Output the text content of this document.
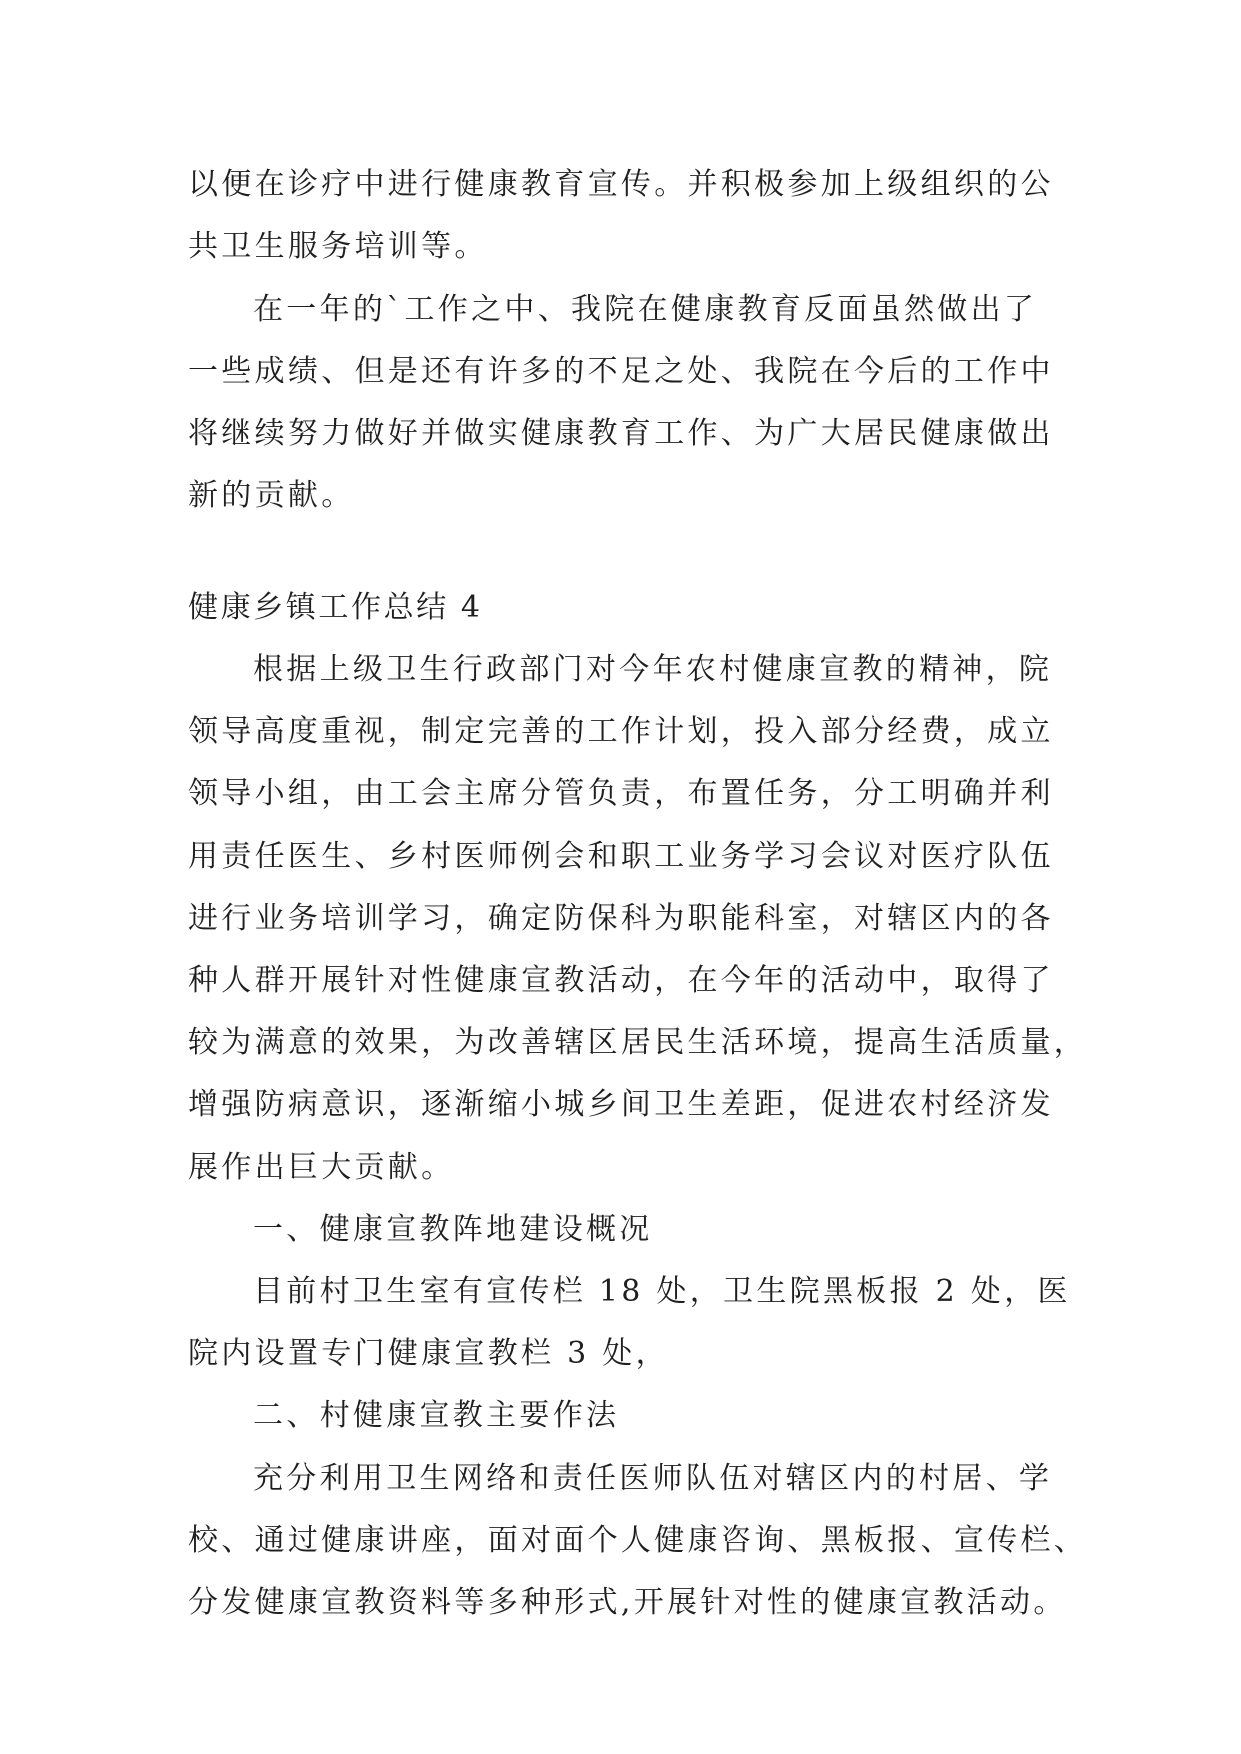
以便在诊疗中进行健康教育宣传。并积极参加上级组织的公

共卫生服务培训等。

在一年的`工作之中、我院在健康教育反面虽然做出了

一些成绩、但是还有许多的不足之处、我院在今后的工作中

将继续努力做好并做实健康教育工作、为广大居民健康做出

新的贡献。

健康乡镇工作总结 4

根据上级卫生行政部门对今年农村健康宣教的精神，院

领导高度重视，制定完善的工作计划，投入部分经费，成立

领导小组，由工会主席分管负责，布置任务，分工明确并利

用责任医生、乡村医师例会和职工业务学习会议对医疗队伍

进行业务培训学习，确定防保科为职能科室，对辖区内的各

种人群开展针对性健康宣教活动，在今年的活动中，取得了

较为满意的效果，为改善辖区居民生活环境，提高生活质量，

增强防病意识，逐渐缩小城乡间卫生差距，促进农村经济发

展作出巨大贡献。

一、健康宣教阵地建设概况

目前村卫生室有宣传栏 18 处，卫生院黑板报 2 处，医

院内设置专门健康宣教栏 3 处，

二、村健康宣教主要作法

充分利用卫生网络和责任医师队伍对辖区内的村居、学

校、通过健康讲座，面对面个人健康咨询、黑板报、宣传栏、

分发健康宣教资料等多种形式,开展针对性的健康宣教活动。
